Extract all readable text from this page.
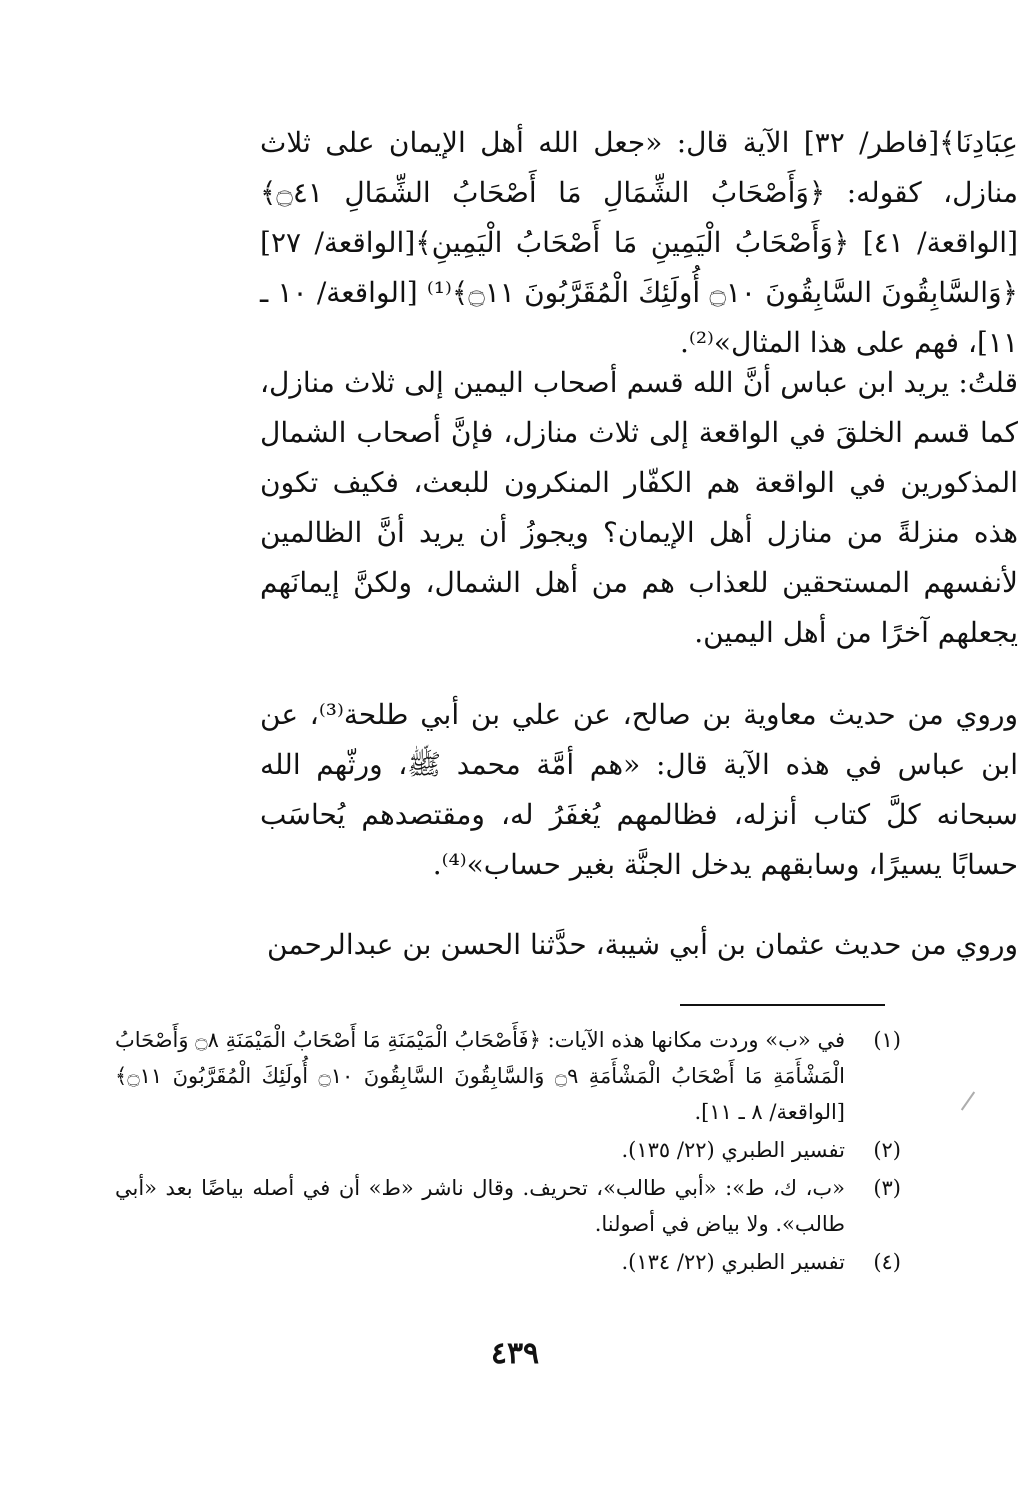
عِبَادِنَا﴾[فاطر/ ٣٢] الآية قال: «جعل الله أهل الإيمان على ثلاث منازل، كقوله: ﴿وَأَصْحَابُ الشِّمَالِ مَا أَصْحَابُ الشِّمَالِ ۝٤١﴾[الواقعة/ ٤١] ﴿وَأَصْحَابُ الْيَمِينِ مَا أَصْحَابُ الْيَمِينِ﴾[الواقعة/ ٢٧] ﴿وَالسَّابِقُونَ السَّابِقُونَ ۝١٠ أُولَئِكَ الْمُقَرَّبُونَ ۝١١﴾⁽¹⁾ [الواقعة/ ١٠ ـ ١١]، فهم على هذا المثال»⁽²⁾.

قلتُ: يريد ابن عباس أنَّ الله قسم أصحاب اليمين إلى ثلاث منازل، كما قسم الخلقَ في الواقعة إلى ثلاث منازل، فإنَّ أصحاب الشمال المذكورين في الواقعة هم الكفّار المنكرون للبعث، فكيف تكون هذه منزلةً من منازل أهل الإيمان؟ ويجوزُ أن يريد أنَّ الظالمين لأنفسهم المستحقين للعذاب هم من أهل الشمال، ولكنَّ إيمانَهم يجعلهم آخرًا من أهل اليمين.

وروي من حديث معاوية بن صالح، عن علي بن أبي طلحة⁽³⁾، عن ابن عباس في هذه الآية قال: «هم أمَّة محمد ﷺ، ورثّهم الله سبحانه كلَّ كتاب أنزله، فظالمهم يُغفَرُ له، ومقتصدهم يُحاسَب حسابًا يسيرًا، وسابقهم يدخل الجنَّة بغير حساب»⁽⁴⁾.

وروي من حديث عثمان بن أبي شيبة، حدَّثنا الحسن بن عبدالرحمن

(١)
في «ب» وردت مكانها هذه الآيات: ﴿فَأَصْحَابُ الْمَيْمَنَةِ مَا أَصْحَابُ الْمَيْمَنَةِ ۝٨ وَأَصْحَابُ الْمَشْأَمَةِ مَا أَصْحَابُ الْمَشْأَمَةِ ۝٩ وَالسَّابِقُونَ السَّابِقُونَ ۝١٠ أُولَئِكَ الْمُقَرَّبُونَ ۝١١﴾ [الواقعة/ ٨ ـ ١١].
(٢)
تفسير الطبري (٢٢/ ١٣٥).
(٣)
«ب، ك، ط»: «أبي طالب»، تحريف. وقال ناشر «ط» أن في أصله بياضًا بعد «أبي طالب». ولا بياض في أصولنا.
(٤)
تفسير الطبري (٢٢/ ١٣٤).
٤٣٩
